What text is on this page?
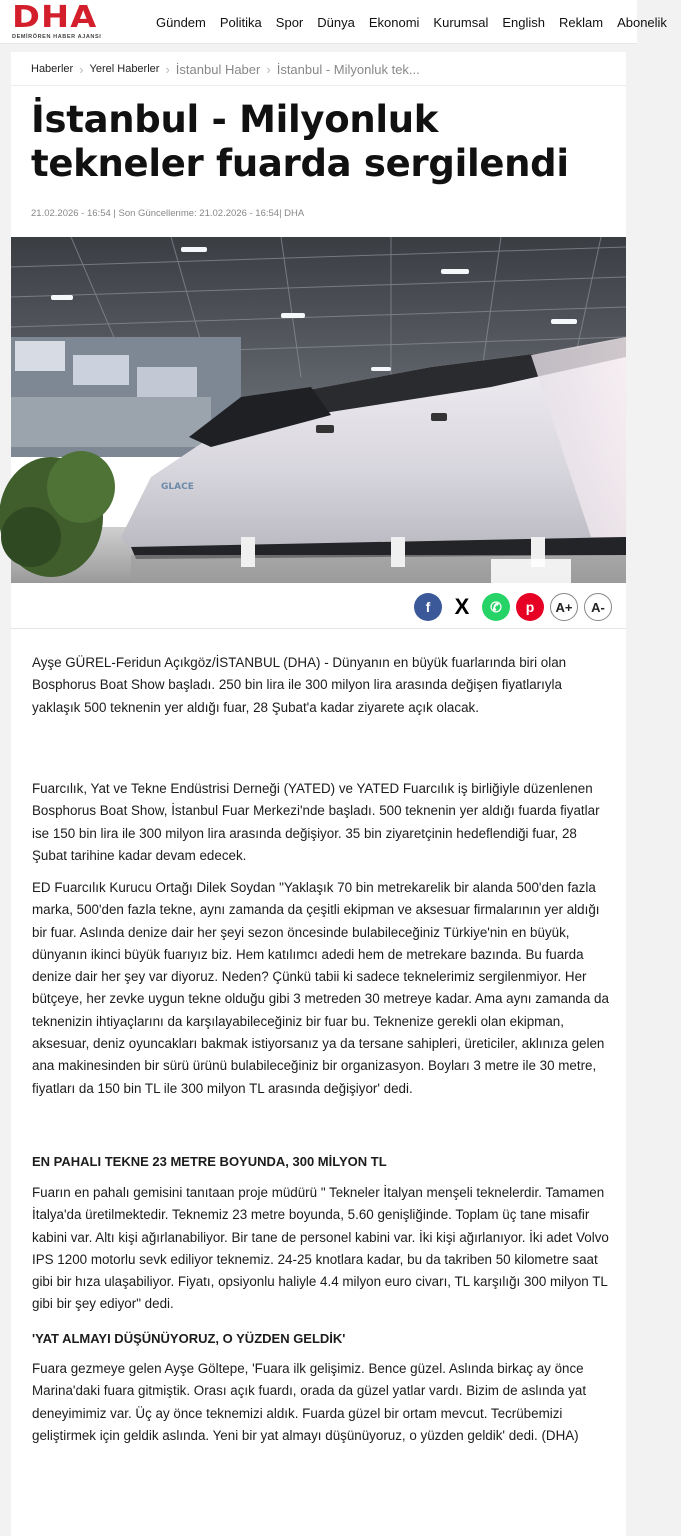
DHA
DEMİRÖREN HABER AJANSI
Gündem Politika Spor Dünya Ekonomi Kurumsal English Reklam Abonelik
Haberler › Yerel Haberler › İstanbul Haber › İstanbul - Milyonluk tek...
İstanbul - Milyonluk tekneler fuarda sergilendi
21.02.2026 - 16:54 | Son Güncellenme: 21.02.2026 - 16:54| DHA
GLACE
f	X	✆	p	A+	A-

Ayşe GÜREL-Feridun Açıkgöz/İSTANBUL (DHA) - Dünyanın en büyük fuarlarında biri olan Bosphorus Boat Show başladı. 250 bin lira ile 300 milyon lira arasında değişen fiyatlarıyla yaklaşık 500 teknenin yer aldığı fuar, 28 Şubat'a kadar ziyarete açık olacak.

Fuarcılık, Yat ve Tekne Endüstrisi Derneği (YATED) ve YATED Fuarcılık iş birliğiyle düzenlenen Bosphorus Boat Show, İstanbul Fuar Merkezi'nde başladı. 500 teknenin yer aldığı fuarda fiyatlar ise 150 bin lira ile 300 milyon lira arasında değişiyor. 35 bin ziyaretçinin hedeflendiği fuar, 28 Şubat tarihine kadar devam edecek.

ED Fuarcılık Kurucu Ortağı Dilek Soydan "Yaklaşık 70 bin metrekarelik bir alanda 500'den fazla marka, 500'den fazla tekne, aynı zamanda da çeşitli ekipman ve aksesuar firmalarının yer aldığı bir fuar. Aslında denize dair her şeyi sezon öncesinde bulabileceğiniz Türkiye'nin en büyük, dünyanın ikinci büyük fuarıyız biz. Hem katılımcı adedi hem de metrekare bazında. Bu fuarda denize dair her şey var diyoruz. Neden? Çünkü tabii ki sadece teknelerimiz sergilenmiyor. Her bütçeye, her zevke uygun tekne olduğu gibi 3 metreden 30 metreye kadar. Ama aynı zamanda da teknenizin ihtiyaçlarını da karşılayabileceğiniz bir fuar bu. Teknenize gerekli olan ekipman, aksesuar, deniz oyuncakları bakmak istiyorsanız ya da tersane sahipleri, üreticiler, aklınıza gelen ana makinesinden bir sürü ürünü bulabileceğiniz bir organizasyon. Boyları 3 metre ile 30 metre, fiyatları da 150 bin TL ile 300 milyon TL arasında değişiyor' dedi.

EN PAHALI TEKNE 23 METRE BOYUNDA, 300 MİLYON TL

Fuarın en pahalı gemisini tanıtaan proje müdürü " Tekneler İtalyan menşeli teknelerdir. Tamamen İtalya'da üretilmektedir. Teknemiz 23 metre boyunda, 5.60 genişliğinde. Toplam üç tane misafir kabini var. Altı kişi ağırlanabiliyor. Bir tane de personel kabini var. İki kişi ağırlanıyor. İki adet Volvo IPS 1200 motorlu sevk ediliyor teknemiz. 24-25 knotlara kadar, bu da takriben 50 kilometre saat gibi bir hıza ulaşabiliyor. Fiyatı, opsiyonlu haliyle 4.4 milyon euro civarı, TL karşılığı 300 milyon TL gibi bir şey ediyor" dedi.

'YAT ALMAYI DÜŞÜNÜYORUZ, O YÜZDEN GELDİK'

Fuara gezmeye gelen Ayşe Göltepe, 'Fuara ilk gelişimiz. Bence güzel. Aslında birkaç ay önce Marina'daki fuara gitmiştik. Orası açık fuardı, orada da güzel yatlar vardı. Bizim de aslında yat deneyimimiz var. Üç ay önce teknemizi aldık. Fuarda güzel bir ortam mevcut. Tecrübemizi geliştirmek için geldik aslında. Yeni bir yat almayı düşünüyoruz, o yüzden geldik' dedi. (DHA)
